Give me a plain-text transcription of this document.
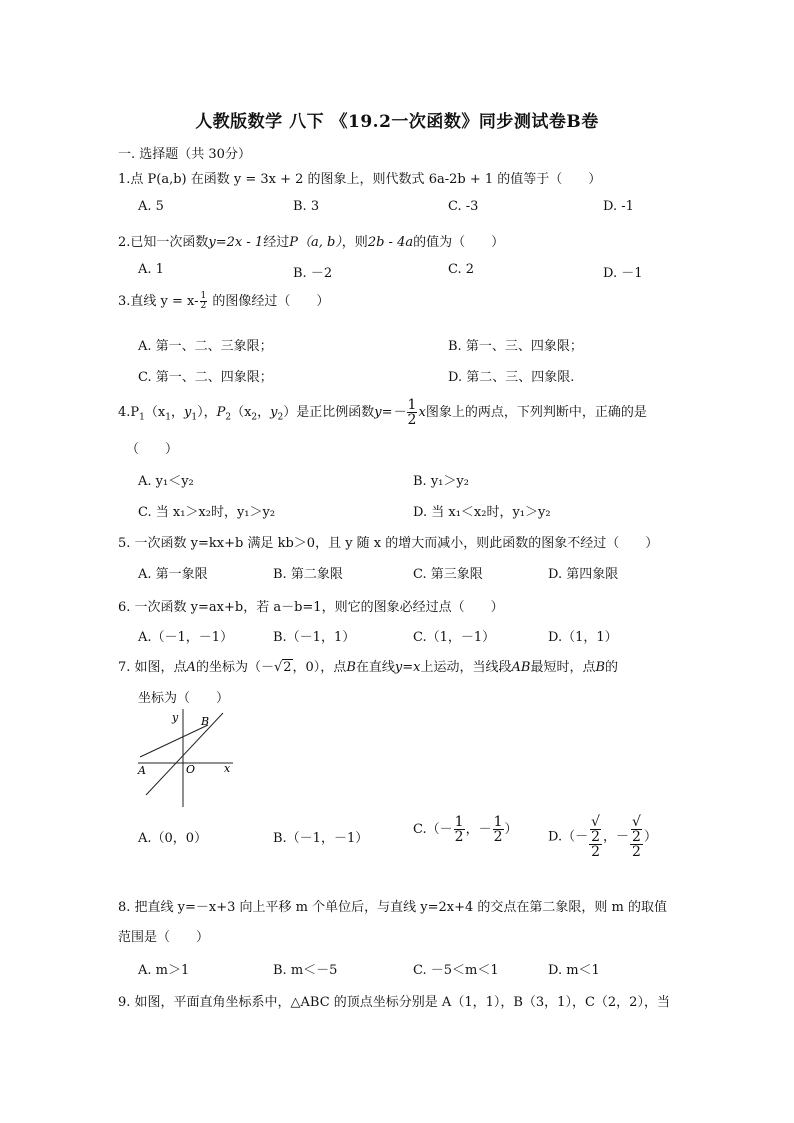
人教版数学 八下 《19.2一次函数》同步测试卷B卷
一. 选择题（共 30分）
1.点 P(a,b) 在函数 y = 3x + 2 的图象上，则代数式 6a-2b + 1 的值等于（　　）
A. 5	B. 3	C. -3	D. -1
2.已知一次函数y=2x - 1经过P（a, b），则2b - 4a的值为（　　）
A. 1	B. －2	C. 2	D. －1
3.直线 $y = x- \frac{1}{2}$ 的图像经过（　　）
A. 第一、二、三象限；	B. 第一、三、四象限；
C. 第一、二、四象限；	D. 第二、三、四象限.
$4.P_1(x_1$，$y_1$），$P_2(x_2$，$y_2$）是正比例函数$y=- \frac{1}{2}$ x图象上的两点，下列判断中，正确的是
（　　）
A. y₁＜y₂	B. y₁＞y₂
C. 当 x₁＞x₂时，y₁＞y₂	D. 当 x₁＜x₂时，y₁＞y₂
5. 一次函数 y=kx+b 满足 kb＞0，且 y 随 x 的增大而减小，则此函数的图象不经过（　　）
A. 第一象限	B. 第二象限	C. 第三象限	D. 第四象限
6. 一次函数 y=ax+b，若 a－b=1，则它的图象必经过点（　　）
A.（－1，－1）	B.（－1，1）	C.（1，－1）	D.（1，1）
7. 如图，点A的坐标为（－√2，0），点B在直线y=x上运动，当线段AB最短时，点B的
坐标为（　　）
y
x
O
A
B
A.（0，0）	B.（－1，－1）
$C.(- \frac{1}{2}$ ，－ $\frac{1}{2}$ ） D.（－ √
2
2 ，－ √
2
2 ）
8. 把直线 y=－x+3 向上平移 m 个单位后，与直线 y=2x+4 的交点在第二象限，则 m 的取值
范围是（　　）
A. m＞1	B. m＜－5	C. －5＜m＜1	D. m＜1
9. 如图，平面直角坐标系中，△ABC 的顶点坐标分别是 A（1，1），B（3，1），C（2，2），当
